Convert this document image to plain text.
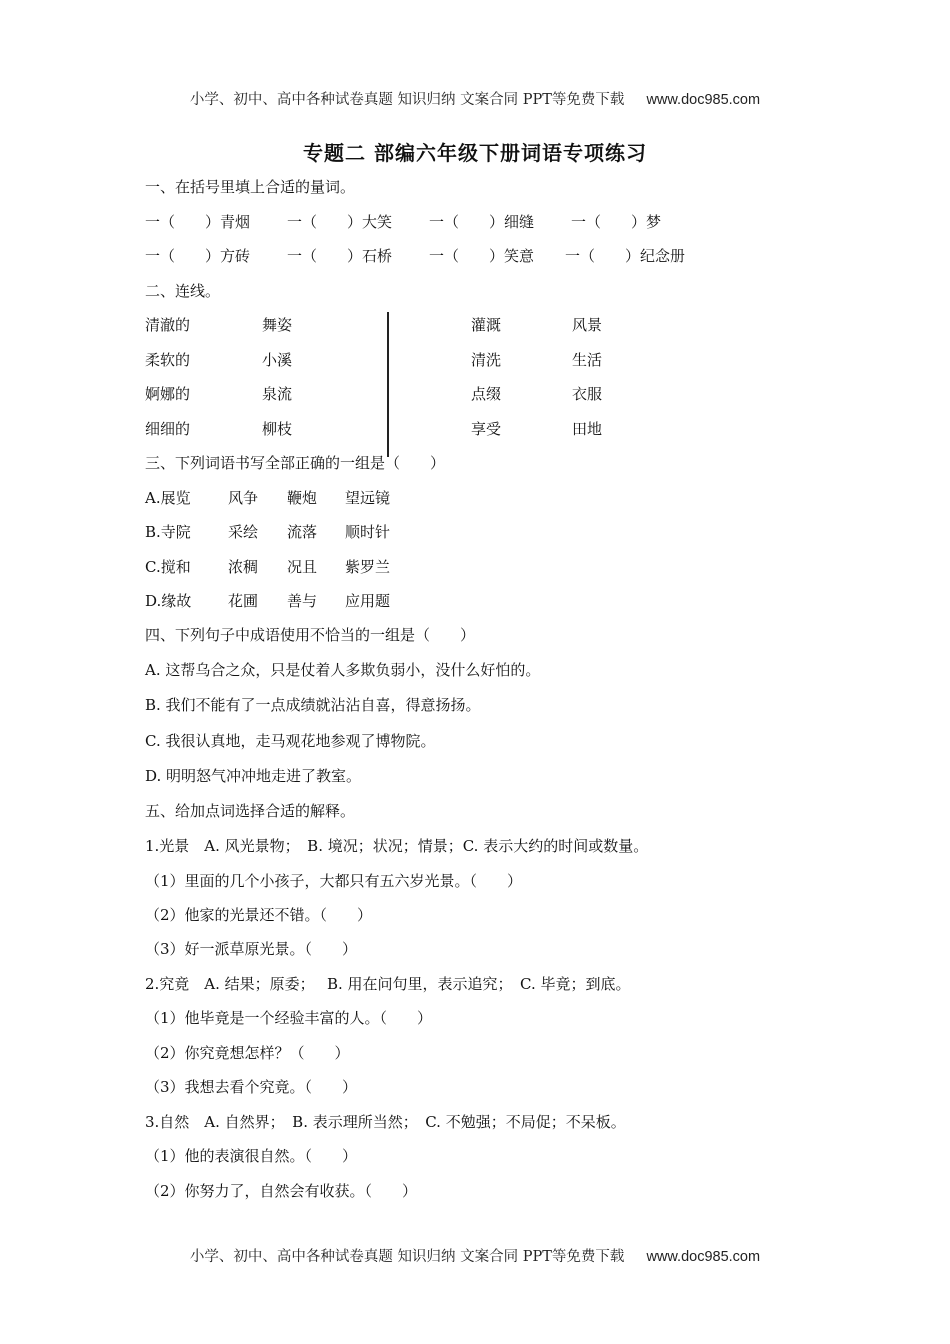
小学、初中、高中各种试卷真题 知识归纳 文案合同 PPT等免费下载 www.doc985.com
专题二 部编六年级下册词语专项练习
一、在括号里填上合适的量词。
一（　　）青烟 一（　　）大笑 一（　　）细缝 一（　　）梦
一（　　）方砖 一（　　）石桥 一（　　）笑意 一（　　）纪念册
二、连线。
清澈的
柔软的
婀娜的
细细的
舞姿
小溪
泉流
柳枝
灌溉
清洗
点缀
享受
风景
生活
衣服
田地
三、下列词语书写全部正确的一组是（　　）
A.展览 风争 鞭炮 望远镜
B.寺院 采绘 流落 顺时针
C.搅和 浓稠 况且 紫罗兰
D.缘故 花圃 善与 应用题
四、下列句子中成语使用不恰当的一组是（　　）
A. 这帮乌合之众，只是仗着人多欺负弱小，没什么好怕的。
B. 我们不能有了一点成绩就沾沾自喜，得意扬扬。
C. 我很认真地，走马观花地参观了博物院。
D. 明明怒气冲冲地走进了教室。
五、给加点词选择合适的解释。
1.光景　A. 风光景物；　B. 境况；状况；情景；C. 表示大约的时间或数量。
（1）里面的几个小孩子，大都只有五六岁光景。（　　）
（2）他家的光景还不错。（　　）
（3）好一派草原光景。（　　）
2.究竟　A. 结果；原委；　 B. 用在问句里，表示追究；　C. 毕竟；到底。
（1）他毕竟是一个经验丰富的人。（　　）
（2）你究竟想怎样？（　　）
（3）我想去看个究竟。（　　）
3.自然　A. 自然界；　B. 表示理所当然；　C. 不勉强；不局促；不呆板。
（1）他的表演很自然。（　　）
（2）你努力了，自然会有收获。（　　）
小学、初中、高中各种试卷真题 知识归纳 文案合同 PPT等免费下载 www.doc985.com
